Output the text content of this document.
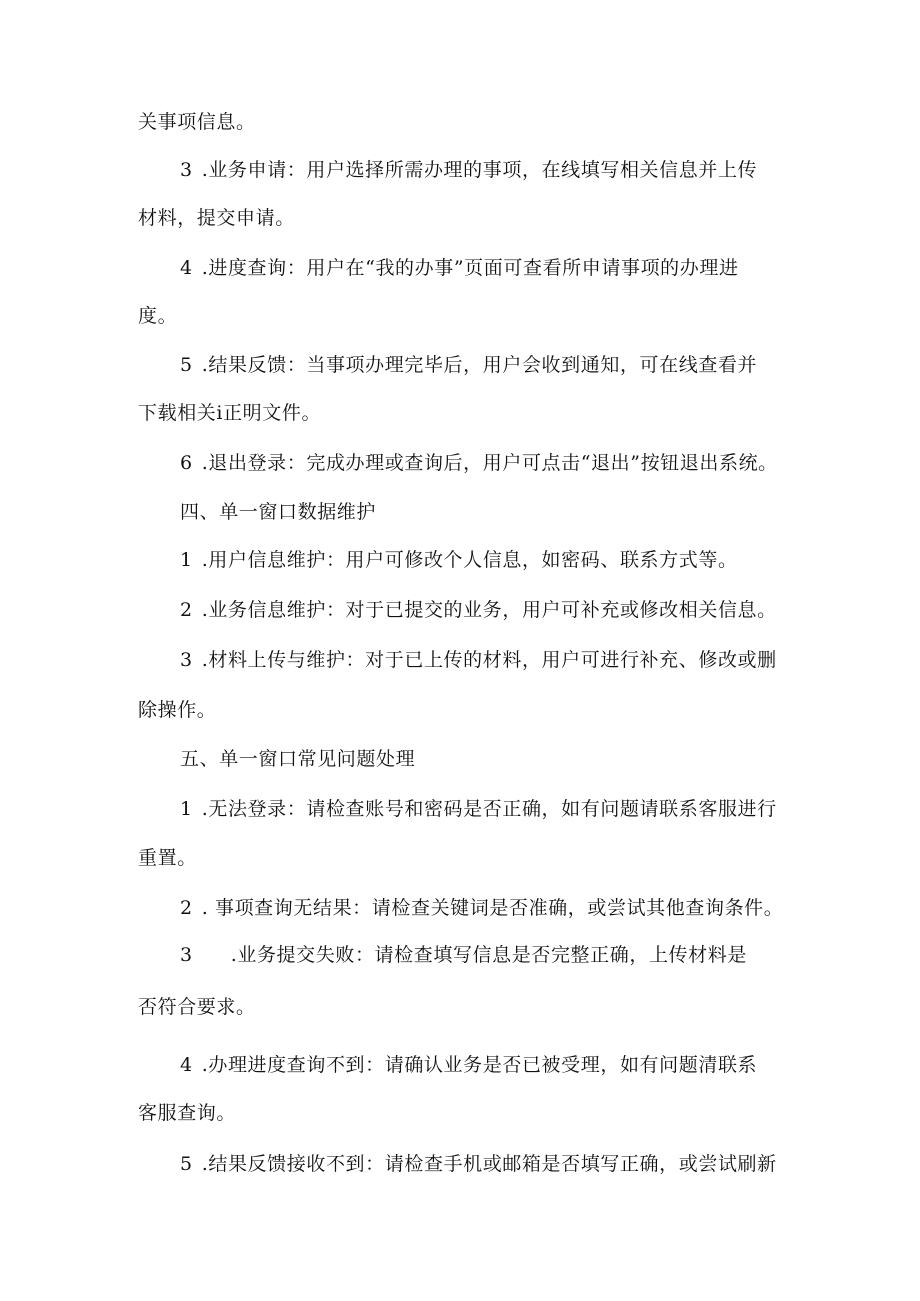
关事项信息。
3 .业务申请：用户选择所需办理的事项，在线填写相关信息并上传
材料，提交申请。
4 .进度查询：用户在“我的办事”页面可查看所申请事项的办理进
度。
5 .结果反馈：当事项办理完毕后，用户会收到通知，可在线查看并
下载相关i正明文件。
6 .退出登录：完成办理或查询后，用户可点击“退出”按钮退出系统。
四、单一窗口数据维护
1 .用户信息维护：用户可修改个人信息，如密码、联系方式等。
2 .业务信息维护：对于已提交的业务，用户可补充或修改相关信息。
3 .材料上传与维护：对于已上传的材料，用户可进行补充、修改或删
除操作。
五、单一窗口常见问题处理
1 .无法登录：请检查账号和密码是否正确，如有问题请联系客服进行
重置。
2 . 事项查询无结果：请检查关键词是否准确，或尝试其他查询条件。
3 .业务提交失败：请检查填写信息是否完整正确，上传材料是
否符合要求。
4 .办理进度查询不到：请确认业务是否已被受理，如有问题清联系
客服查询。
5 .结果反馈接收不到：请检查手机或邮箱是否填写正确，或尝试刷新
